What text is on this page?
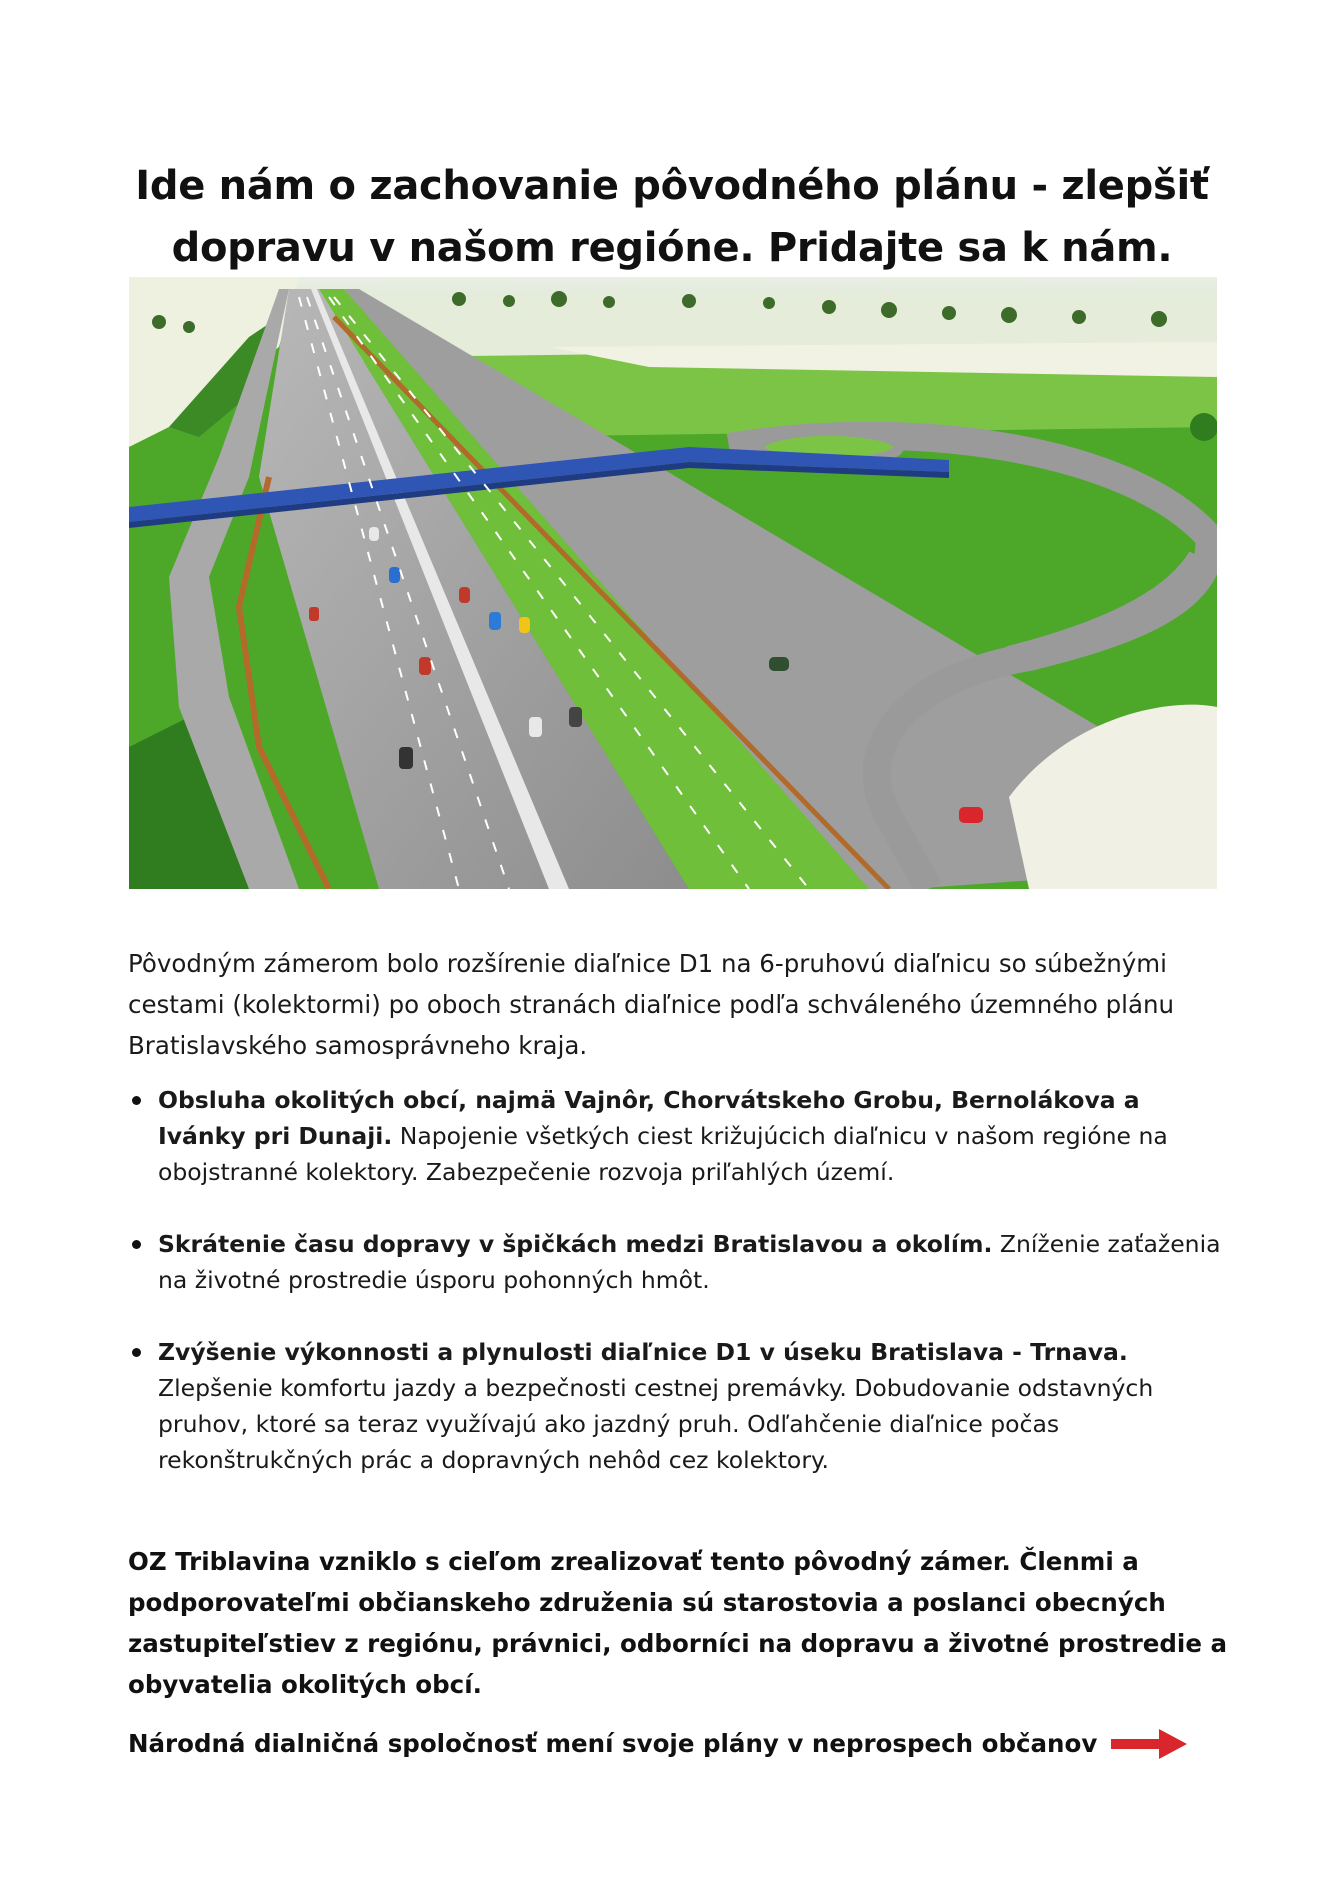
Ide nám o zachovanie pôvodného plánu - zlepšiť
dopravu v našom regióne. Pridajte sa k nám.

Pôvodným zámerom bolo rozšírenie diaľnice D1 na 6-pruhovú diaľnicu so súbežnými cestami (kolektormi) po oboch stranách diaľnice podľa schváleného územného plánu Bratislavského samosprávneho kraja.

Obsluha okolitých obcí, najmä Vajnôr, Chorvátskeho Grobu, Bernolákova a Ivánky pri Dunaji. Napojenie všetkých ciest križujúcich diaľnicu v našom regióne na obojstranné kolektory. Zabezpečenie rozvoja priľahlých území.
Skrátenie času dopravy v špičkách medzi Bratislavou a okolím. Zníženie zaťaženia na životné prostredie úsporu pohonných hmôt.
Zvýšenie výkonnosti a plynulosti diaľnice D1 v úseku Bratislava - Trnava. Zlepšenie komfortu jazdy a bezpečnosti cestnej premávky. Dobudovanie odstavných pruhov, ktoré sa teraz využívajú ako jazdný pruh. Odľahčenie diaľnice počas rekonštrukčných prác a dopravných nehôd cez kolektory.

OZ Triblavina vzniklo s cieľom zrealizovať tento pôvodný zámer. Členmi a podporovateľmi občianskeho združenia sú starostovia a poslanci obecných zastupiteľstiev z regiónu, právnici, odborníci na dopravu a životné prostredie a obyvatelia okolitých obcí.

Národná dialničná spoločnosť mení svoje plány v neprospech občanov
